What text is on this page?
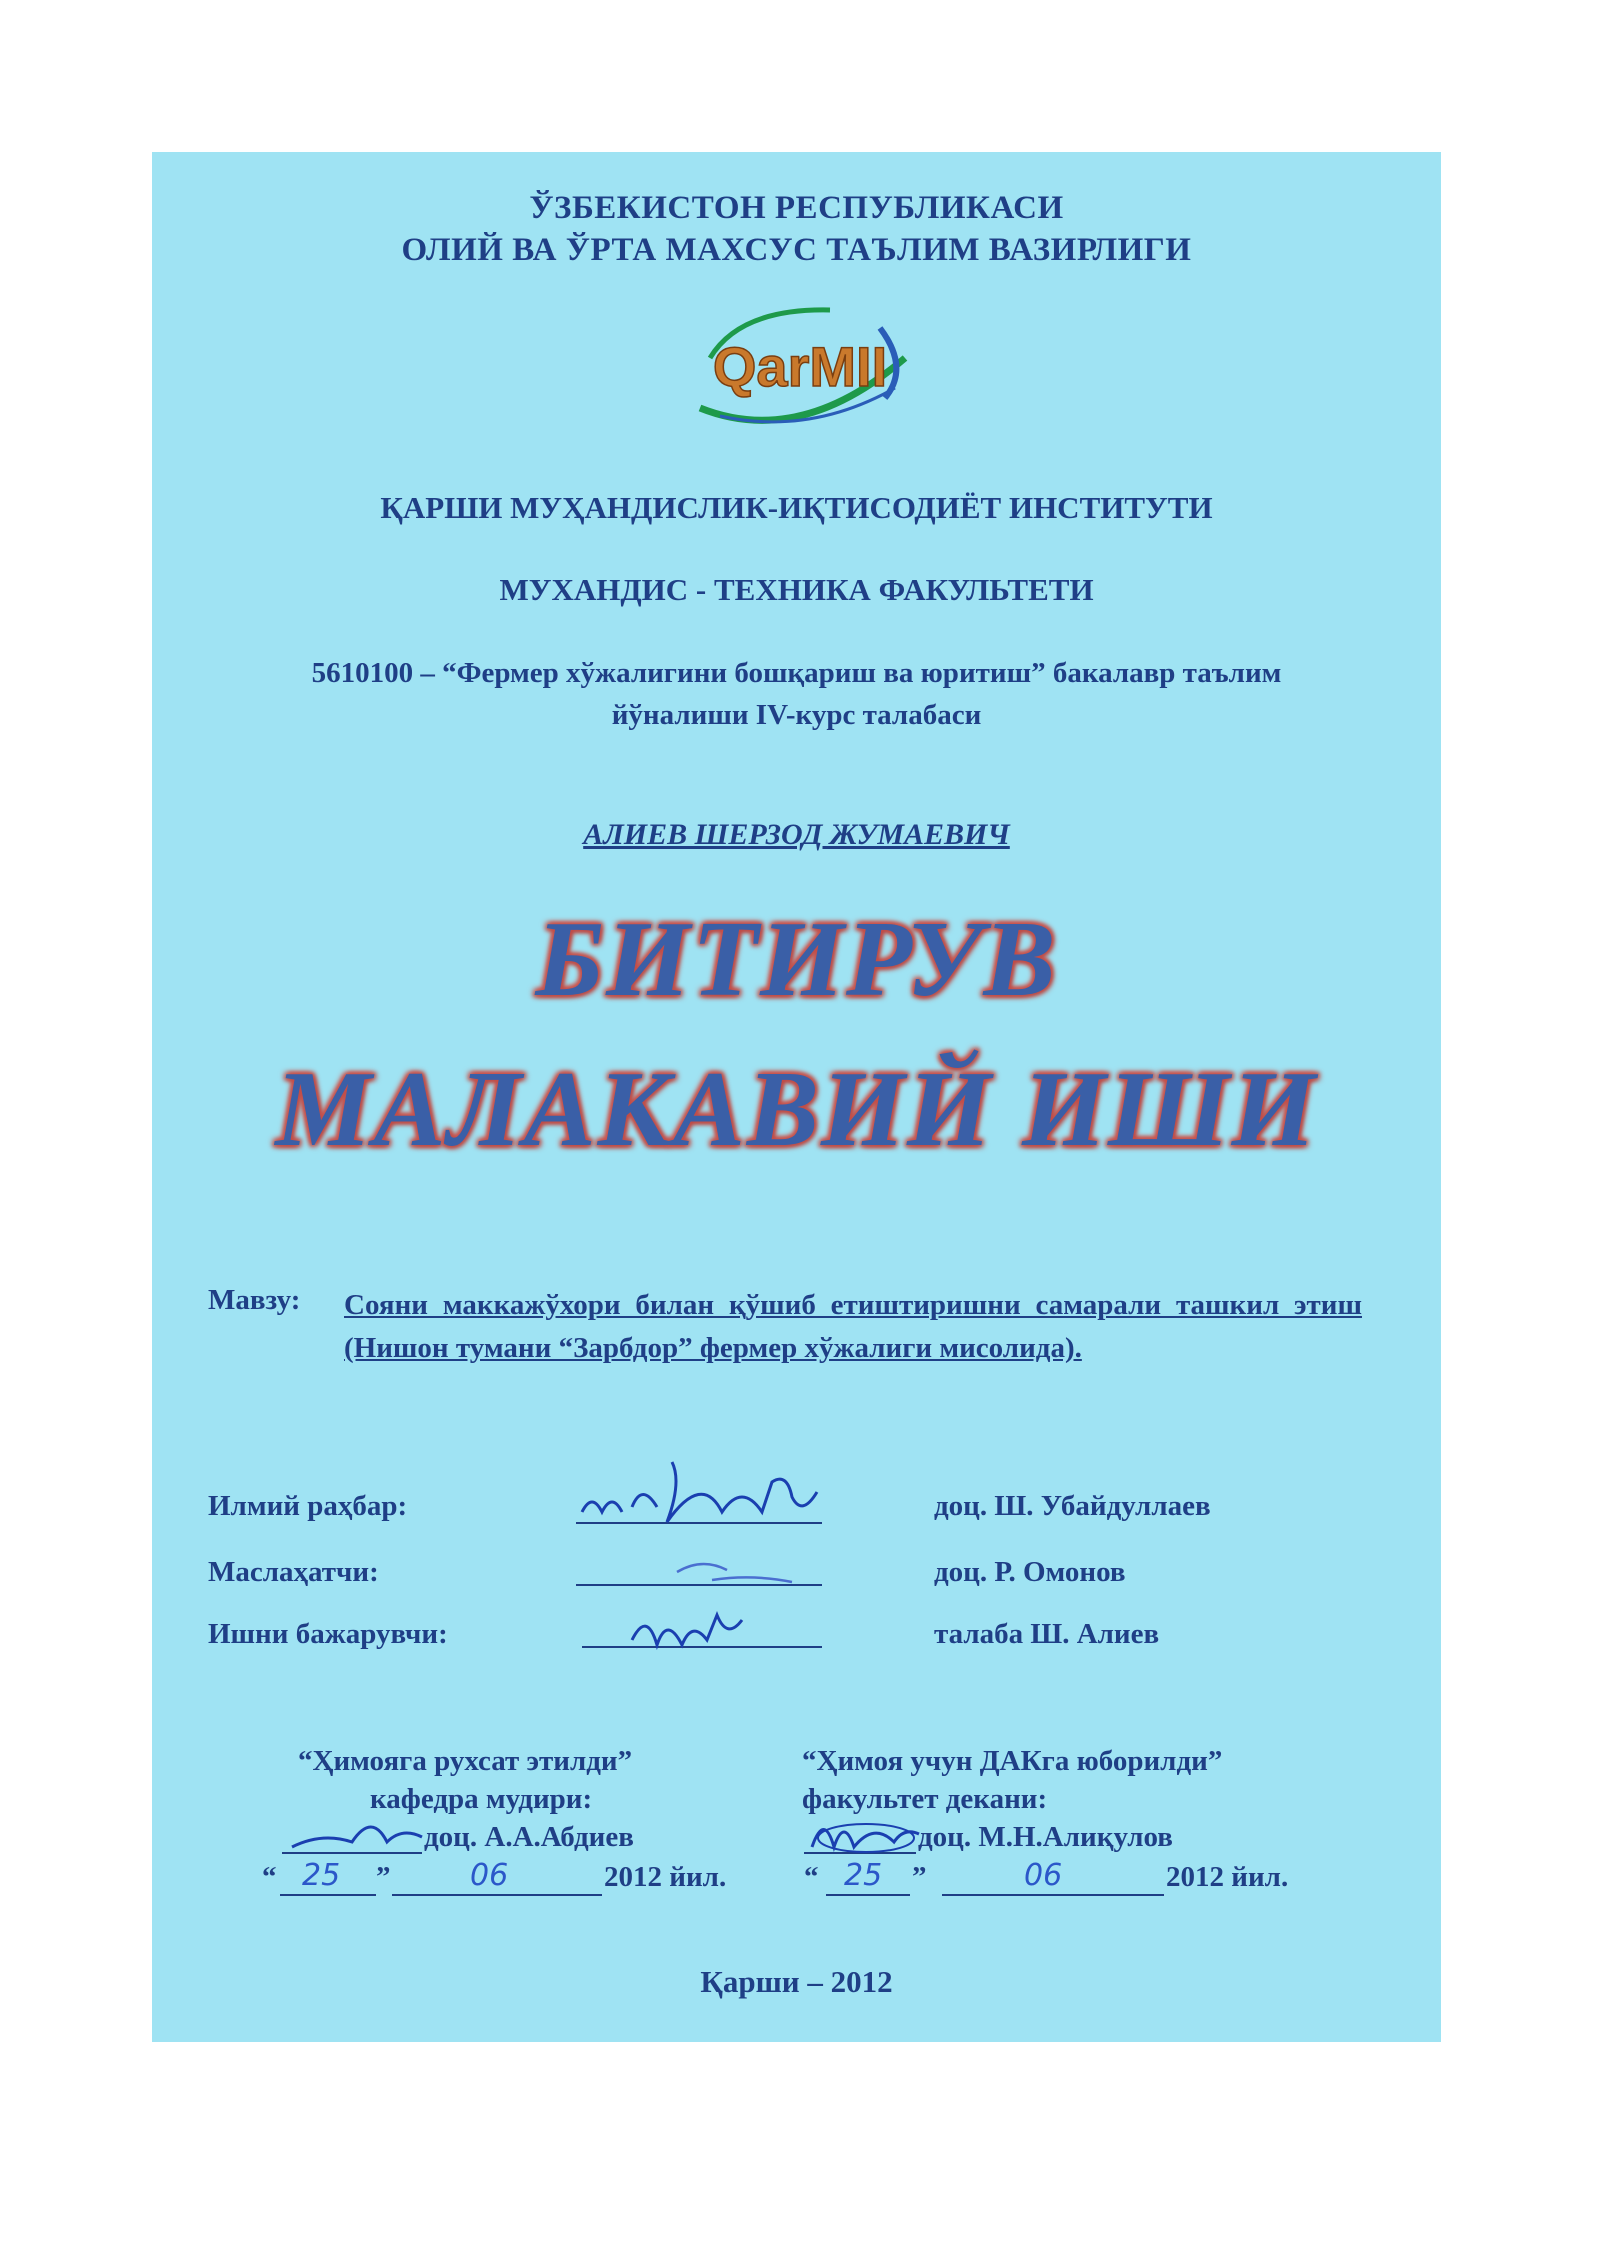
ЎЗБЕКИСТОН РЕСПУБЛИКАСИ
ОЛИЙ ВА ЎРТА МАХСУС ТАЪЛИМ ВАЗИРЛИГИ
QarMII
ҚАРШИ МУҲАНДИСЛИК-ИҚТИСОДИЁТ ИНСТИТУТИ
МУХАНДИС - ТЕХНИКА ФАКУЛЬТЕТИ
5610100 – “Фермер хўжалигини бошқариш ва юритиш” бакалавр таълим
йўналиши IV-курс талабаси
АЛИЕВ ШЕРЗОД ЖУМАЕВИЧ
БИТИРУВ
МАЛАКАВИЙ ИШИ
Мавзу: Сояни маккажўхори билан қўшиб етиштиришни самарали ташкил этиш (Нишон тумани “Зарбдор” фермер хўжалиги мисолида).
Илмий раҳбар:	доц. Ш. Убайдуллаев
Маслаҳатчи:	доц. Р. Омонов
Ишни бажарувчи:	талаба Ш. Алиев
“Ҳимояга рухсат этилди”
кафедра мудири:
доц. А.А.Абдиев
“ 25 ”	06	2012 йил.
“Ҳимоя учун ДАКга юборилди”
факультет декани:
доц. М.Н.Алиқулов
“ 25 ”	06	2012 йил.
Қарши – 2012
